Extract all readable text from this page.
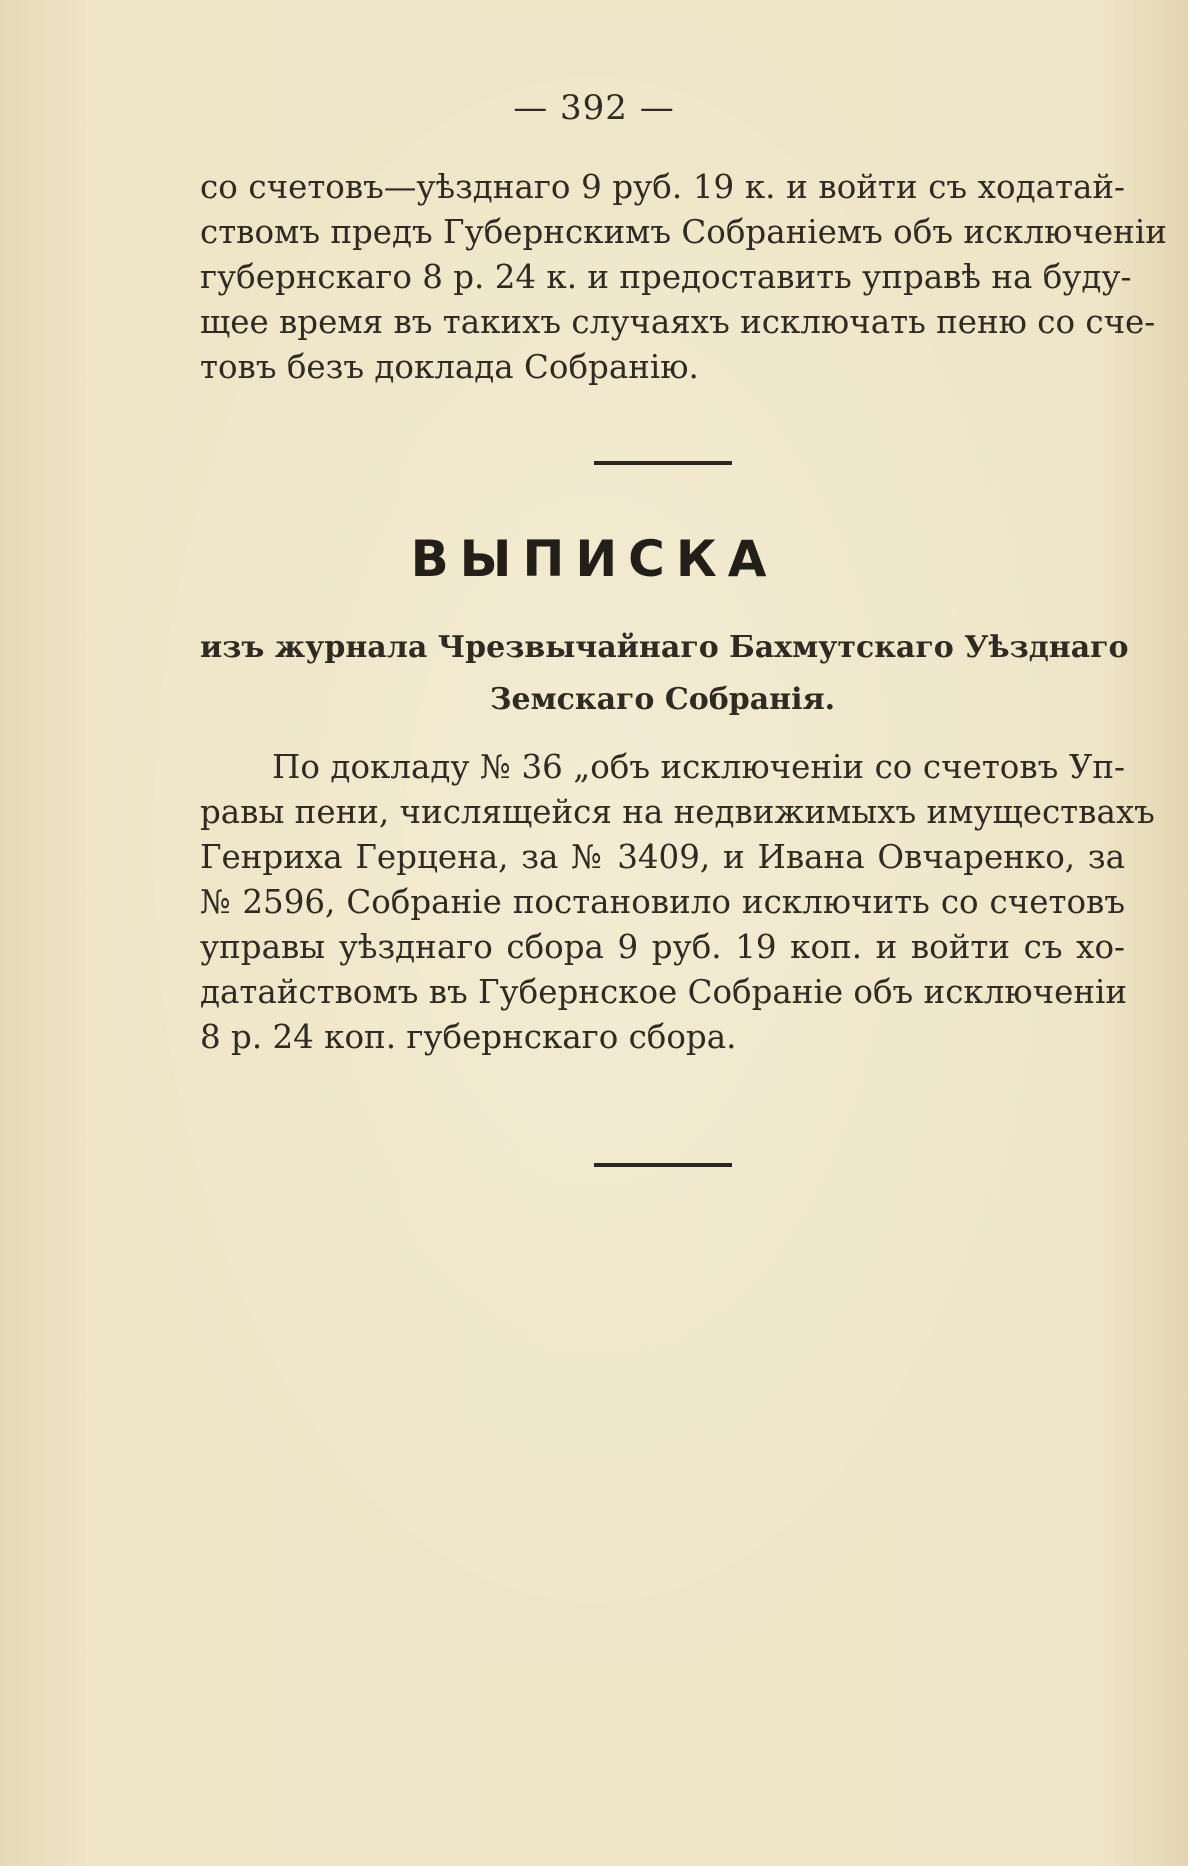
— 392 —
со счетовъ—уѣзднаго 9 руб. 19 к. и войти съ ходатай-
ствомъ предъ Губернскимъ Собраніемъ объ исключеніи
губернскаго 8 р. 24 к. и предоставить управѣ на буду-
щее время въ такихъ случаяхъ исключать пеню со сче-
товъ безъ доклада Собранію.
ВЫПИСКА
изъ журнала Чрезвычайнаго Бахмутскаго Уѣзднаго
Земскаго Собранія.
По докладу № 36 „объ исключеніи со счетовъ Уп-
равы пени, числящейся на недвижимыхъ имуществахъ
Генриха Герцена, за № 3409, и Ивана Овчаренко, за
№ 2596, Собраніе постановило исключить со счетовъ
управы уѣзднаго сбора 9 руб. 19 коп. и войти съ хо-
датайствомъ въ Губернское Собраніе объ исключеніи
8 р. 24 коп. губернскаго сбора.
